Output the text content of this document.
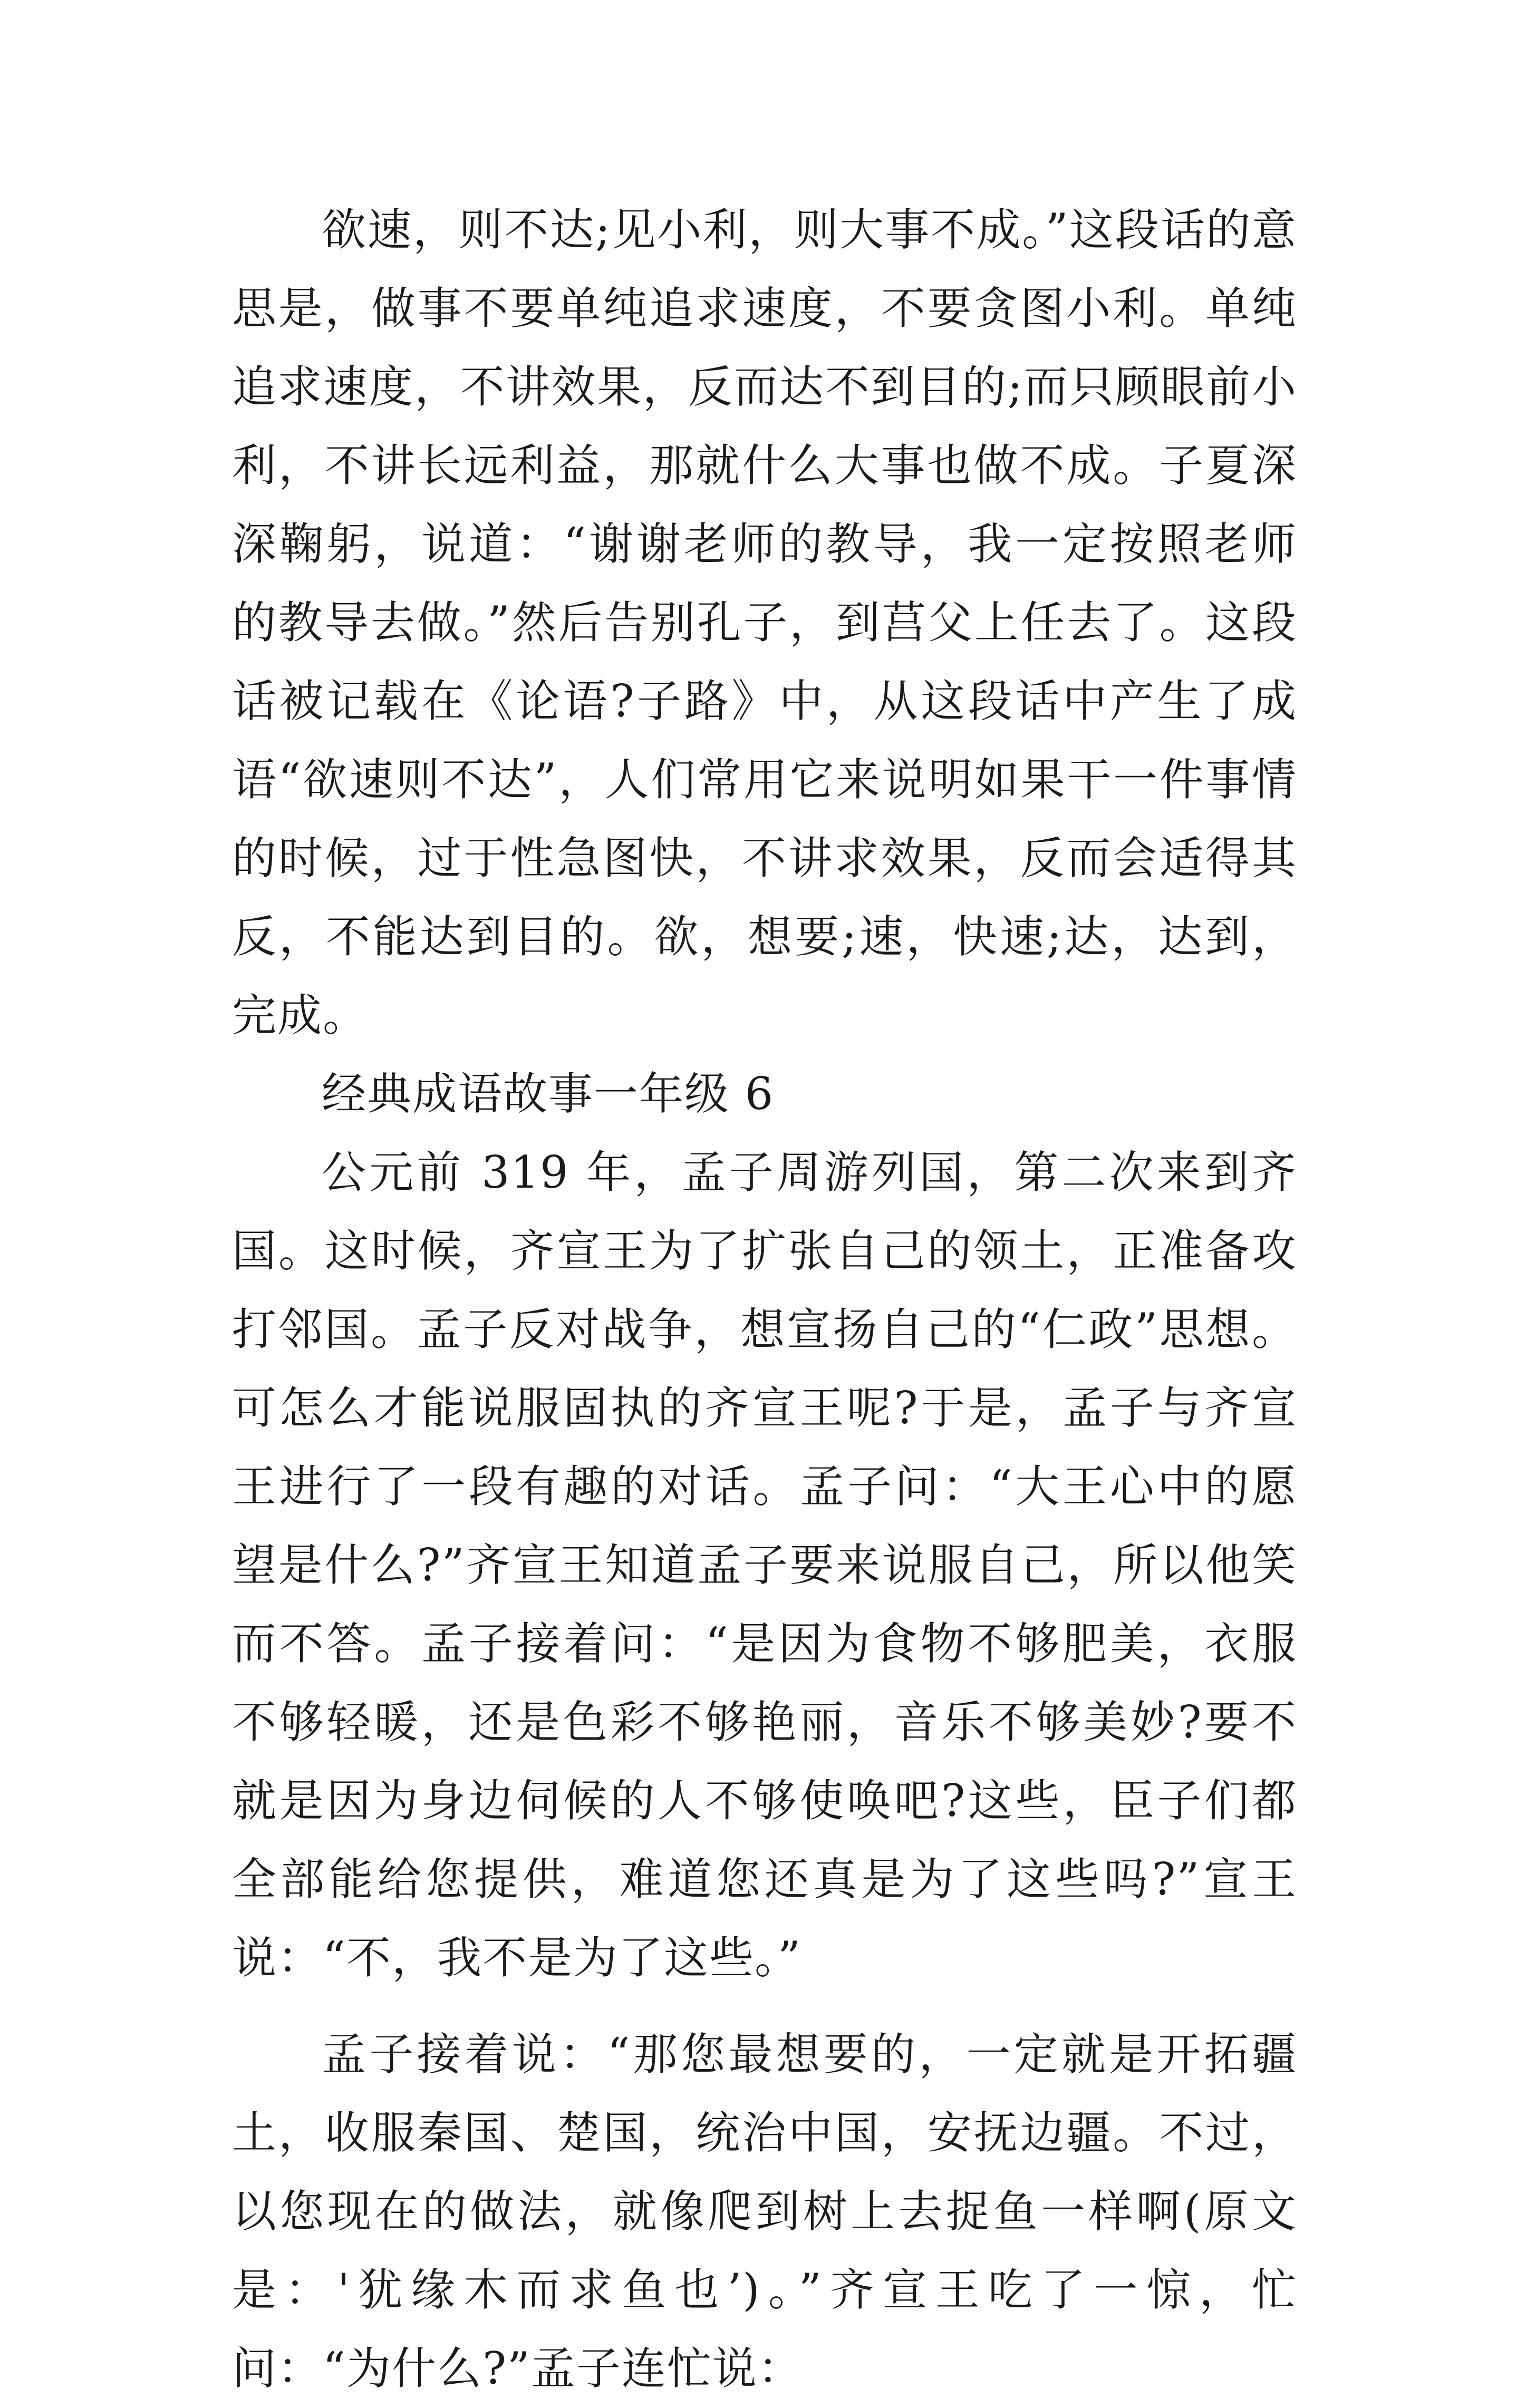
欲速，则不达;见小利，则大事不成。”这段话的意思是，做事不要单纯追求速度，不要贪图小利。单纯追求速度，不讲效果，反而达不到目的;而只顾眼前小利，不讲长远利益，那就什么大事也做不成。子夏深深鞠躬，说道：“谢谢老师的教导，我一定按照老师的教导去做。”然后告别孔子，到莒父上任去了。这段话被记载在《论语?子路》中，从这段话中产生了成语“欲速则不达”，人们常用它来说明如果干一件事情的时候，过于性急图快，不讲求效果，反而会适得其反，不能达到目的。欲，想要;速，快速;达，达到，完成。

经典成语故事一年级 6

公元前 319 年，孟子周游列国，第二次来到齐国。这时候，齐宣王为了扩张自己的领土，正准备攻打邻国。孟子反对战争，想宣扬自己的“仁政”思想。可怎么才能说服固执的齐宣王呢?于是，孟子与齐宣王进行了一段有趣的对话。孟子问：“大王心中的愿望是什么?”齐宣王知道孟子要来说服自己，所以他笑而不答。孟子接着问：“是因为食物不够肥美，衣服不够轻暖，还是色彩不够艳丽，音乐不够美妙?要不就是因为身边伺候的人不够使唤吧?这些，臣子们都全部能给您提供，难道您还真是为了这些吗?”宣王说：“不，我不是为了这些。”

孟子接着说：“那您最想要的，一定就是开拓疆土，收服秦国、楚国，统治中国，安抚边疆。不过，以您现在的做法，就像爬到树上去捉鱼一样啊(原文是：'犹缘木而求鱼也’)。”齐宣王吃了一惊，忙问：“为什么?”孟子连忙说：
